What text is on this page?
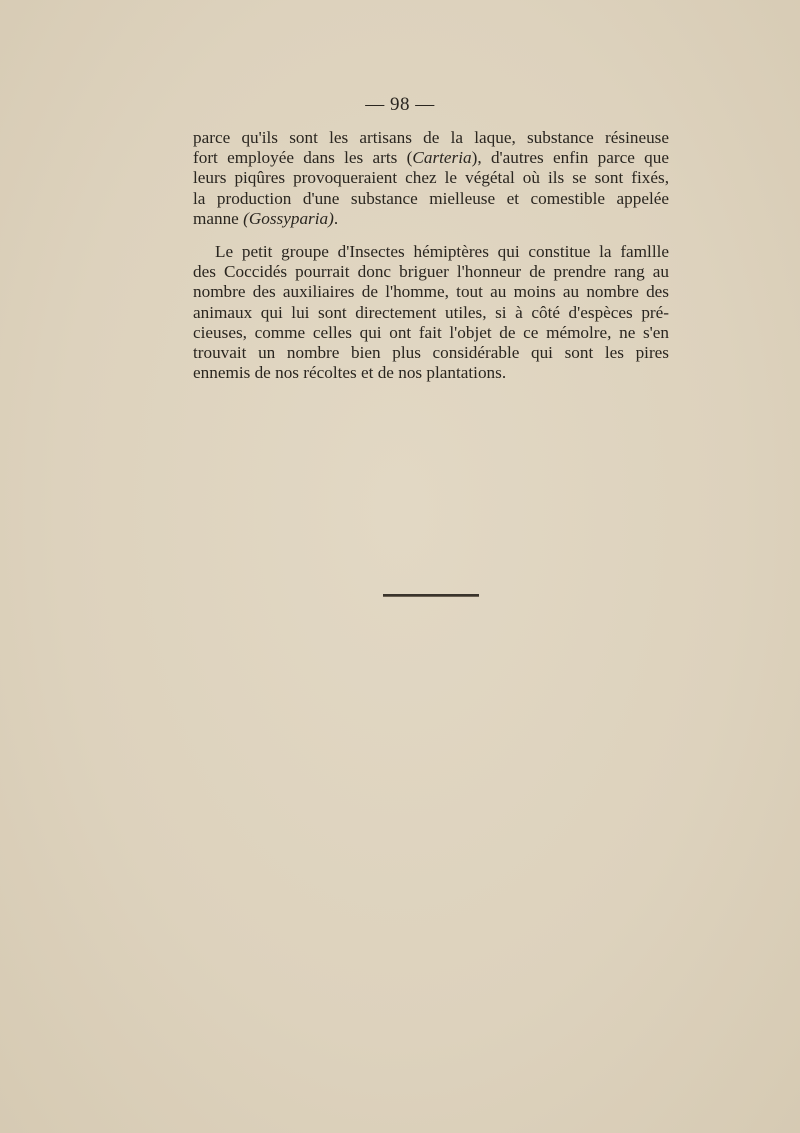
— 98 —
parce qu'ils sont les artisans de la laque, substance résineuse
fort employée dans les arts (Carteria), d'autres enfin parce que
leurs piqûres provoqueraient chez le végétal où ils se sont fixés,
la production d'une substance mielleuse et comestible appelée
manne (Gossyparia).
Le petit groupe d'Insectes hémiptères qui constitue la famllle
des Coccidés pourrait donc briguer l'honneur de prendre rang au
nombre des auxiliaires de l'homme, tout au moins au nombre des
animaux qui lui sont directement utiles, si à côté d'espèces pré-
cieuses, comme celles qui ont fait l'objet de ce mémolre, ne s'en
trouvait un nombre bien plus considérable qui sont les pires
ennemis de nos récoltes et de nos plantations.
